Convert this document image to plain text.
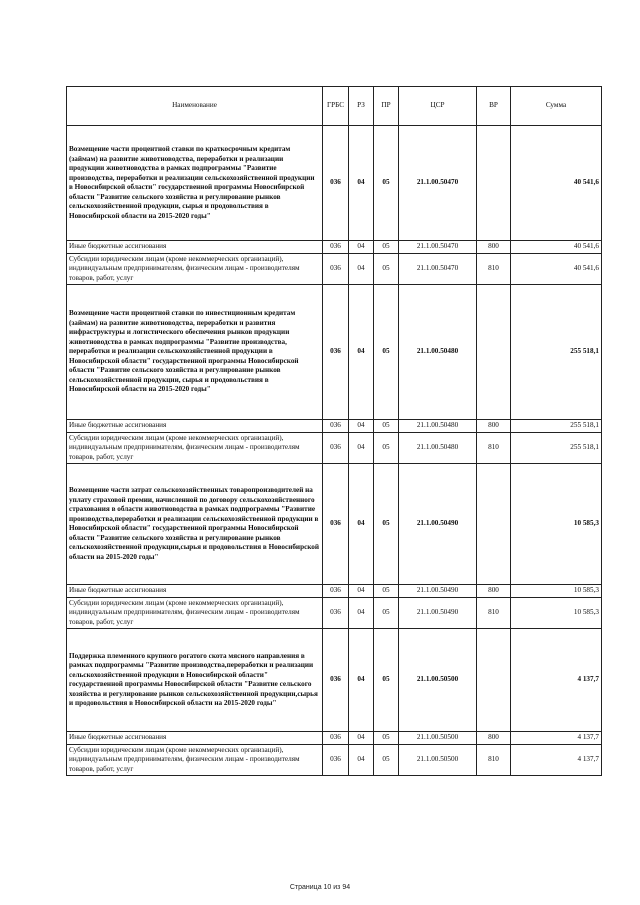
Наименование	ГРБС	РЗ	ПР	ЦСР	ВР	Сумма
Возмещение части процентной ставки по краткосрочным кредитам (займам) на развитие животноводства, переработки и реализации продукции животноводства в рамках подпрограммы "Развитие производства, переработки и реализации сельскохозяйственной продукции в Новосибирской области" государственной программы Новосибирской области "Развитие сельского хозяйства и регулирование рынков сельскохозяйственной продукции, сырья и продовольствия в Новосибирской области на 2015-2020 годы"	036	04	05	21.1.00.50470		40 541,6
Иные бюджетные ассигнования	036	04	05	21.1.00.50470	800	40 541,6
Субсидии юридическим лицам (кроме некоммерческих организаций), индивидуальным предпринимателям, физическим лицам - производителям товаров, работ, услуг	036	04	05	21.1.00.50470	810	40 541,6
Возмещение части процентной ставки по инвестиционным кредитам (займам) на развитие животноводства, переработки и развития инфраструктуры и логистического обеспечения рынков продукции животноводства в рамках подпрограммы "Развитие производства, переработки и реализации сельскохозяйственной продукции в Новосибирской области" государственной программы Новосибирской области "Развитие сельского хозяйства и регулирование рынков сельскохозяйственной продукции, сырья и продовольствия в Новосибирской области на 2015-2020 годы"	036	04	05	21.1.00.50480		255 518,1
Иные бюджетные ассигнования	036	04	05	21.1.00.50480	800	255 518,1
Субсидии юридическим лицам (кроме некоммерческих организаций), индивидуальным предпринимателям, физическим лицам - производителям товаров, работ, услуг	036	04	05	21.1.00.50480	810	255 518,1
Возмещение части затрат сельскохозяйственных товаропроизводителей на уплату страховой премии, начисленной по договору сельскохозяйственного страхования в области животноводства в рамках подпрограммы "Развитие производства,переработки и реализации сельскохозяйственной продукции в Новосибирской области" государственной программы Новосибирской области "Развитие сельского хозяйства и регулирование рынков сельскохозяйственной продукции,сырья и продовольствия в Новосибирской области на 2015-2020 годы"	036	04	05	21.1.00.50490		10 585,3
Иные бюджетные ассигнования	036	04	05	21.1.00.50490	800	10 585,3
Субсидии юридическим лицам (кроме некоммерческих организаций), индивидуальным предпринимателям, физическим лицам - производителям товаров, работ, услуг	036	04	05	21.1.00.50490	810	10 585,3
Поддержка племенного крупного рогатого скота мясного направления в рамках подпрограммы "Развитие производства,переработки и реализации сельскохозяйственной продукции в Новосибирской области" государственной программы Новосибирской области "Развитие сельского хозяйства и регулирование рынков сельскохозяйственной продукции,сырья и продовольствия в Новосибирской области на 2015-2020 годы"	036	04	05	21.1.00.50500		4 137,7
Иные бюджетные ассигнования	036	04	05	21.1.00.50500	800	4 137,7
Субсидии юридическим лицам (кроме некоммерческих организаций), индивидуальным предпринимателям, физическим лицам - производителям товаров, работ, услуг	036	04	05	21.1.00.50500	810	4 137,7
Страница 10 из 94
